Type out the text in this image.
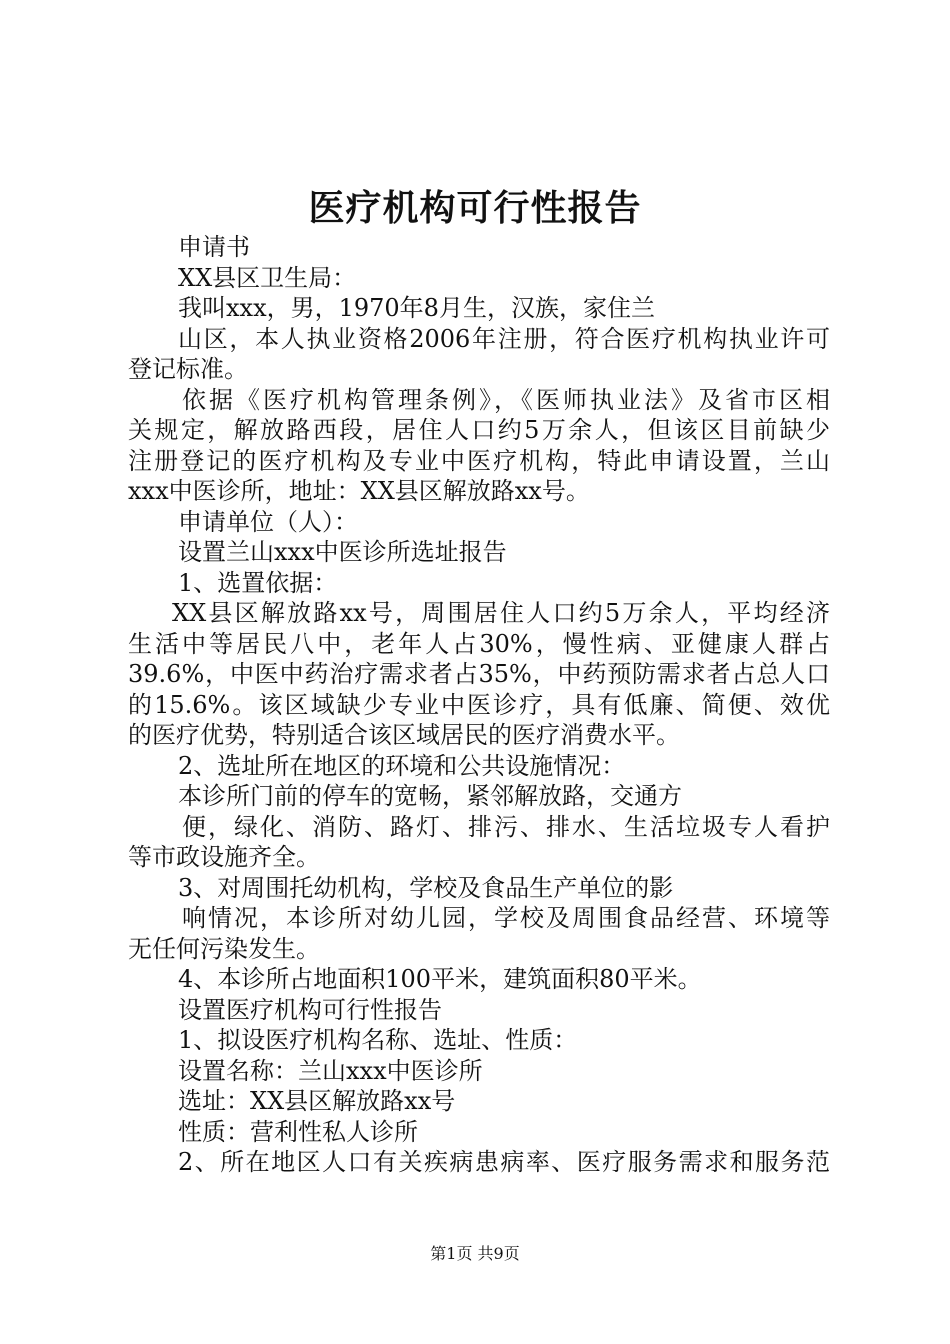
医疗机构可行性报告
申请书
XX县区卫生局：
我叫xxx，男，1970年8月生，汉族，家住兰
山区，本人执业资格2006年注册，符合医疗机构执业许可
登记标准。
依据《医疗机构管理条例》，《医师执业法》及省市区相
关规定，解放路西段，居住人口约5万余人，但该区目前缺少
注册登记的医疗机构及专业中医疗机构，特此申请设置，兰山
xxx中医诊所，地址：XX县区解放路xx号。
申请单位（人）：
设置兰山xxx中医诊所选址报告
1、选置依据：
XX县区解放路xx号，周围居住人口约5万余人，平均经济
生活中等居民八中，老年人占30%，慢性病、亚健康人群占
39.6%，中医中药治疗需求者占35%，中药预防需求者占总人口
的15.6%。该区域缺少专业中医诊疗，具有低廉、简便、效优
的医疗优势，特别适合该区域居民的医疗消费水平。
2、选址所在地区的环境和公共设施情况：
本诊所门前的停车的宽畅，紧邻解放路，交通方
便，绿化、消防、路灯、排污、排水、生活垃圾专人看护
等市政设施齐全。
3、对周围托幼机构，学校及食品生产单位的影
响情况，本诊所对幼儿园，学校及周围食品经营、环境等
无任何污染发生。
4、本诊所占地面积100平米，建筑面积80平米。
设置医疗机构可行性报告
1、拟设医疗机构名称、选址、性质：
设置名称：兰山xxx中医诊所
选址：XX县区解放路xx号
性质：营利性私人诊所
2、所在地区人口有关疾病患病率、医疗服务需求和服务范
第1页 共9页
